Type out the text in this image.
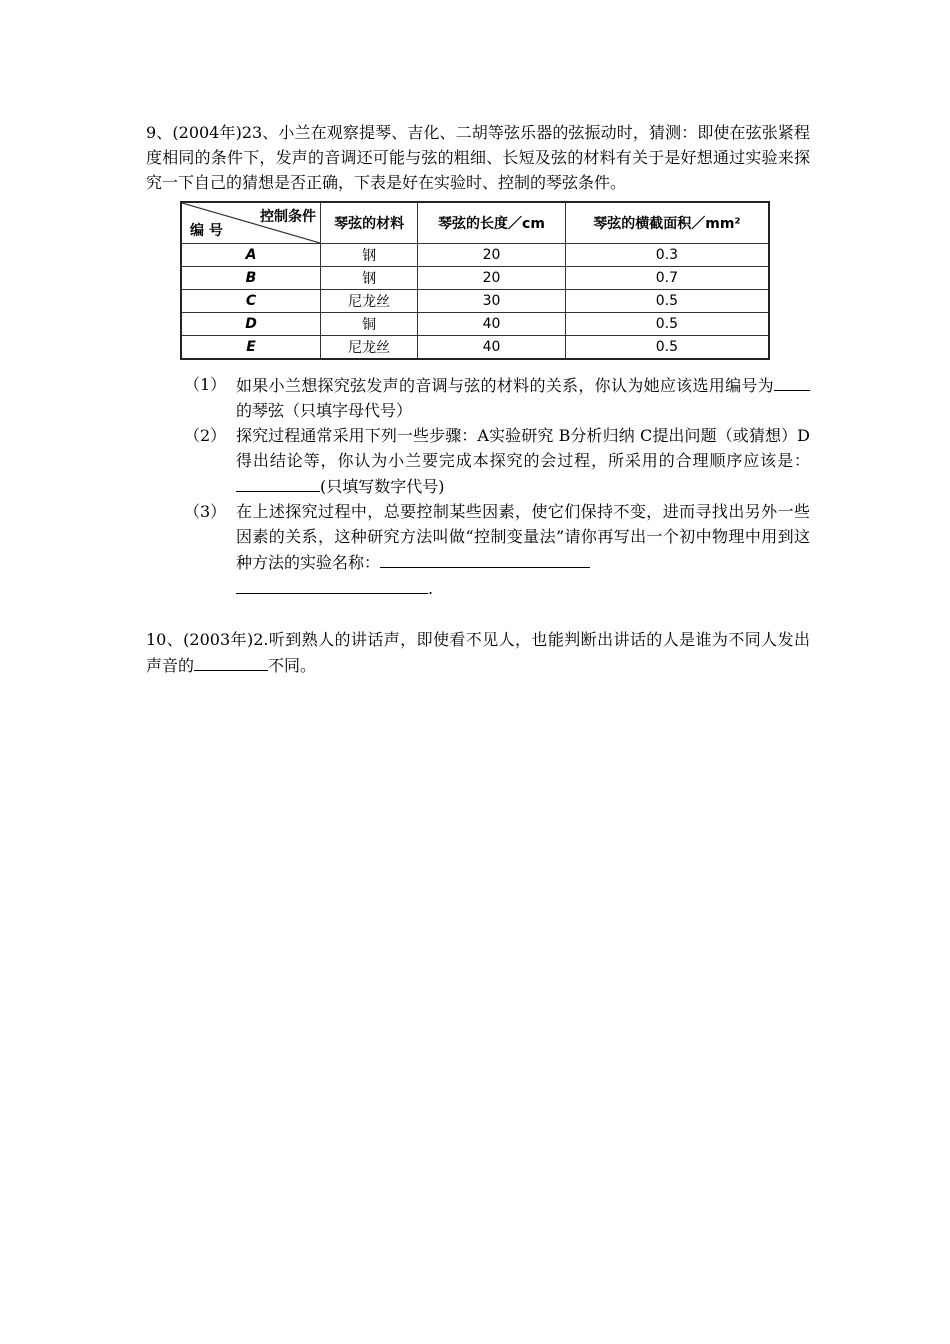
9、(2004年)23、小兰在观察提琴、吉化、二胡等弦乐器的弦振动时，猜测：即使在弦张紧程度相同的条件下，发声的音调还可能与弦的粗细、长短及弦的材料有关于是好想通过实验来探究一下自己的猜想是否正确，下表是好在实验时、控制的琴弦条件。

控制条件
编 号	琴弦的材料	琴弦的长度／cm	琴弦的横截面积／mm²
A	钢	20	0.3
B	钢	20	0.7
C	尼龙丝	30	0.5
D	铜	40	0.5
E	尼龙丝	40	0.5
（1） 如果小兰想探究弦发声的音调与弦的材料的关系，你认为她应该选用编号为的琴弦（只填字母代号）
（2） 探究过程通常采用下列一些步骤：A实验研究 B分析归纳 C提出问题（或猜想）D得出结论等，你认为小兰要完成本探究的会过程，所采用的合理顺序应该是：(只填写数字代号)
（3） 在上述探究过程中，总要控制某些因素，使它们保持不变，进而寻找出另外一些因素的关系，这种研究方法叫做“控制变量法”请你再写出一个初中物理中用到这种方法的实验名称：
.

10、(2003年)2.听到熟人的讲话声，即使看不见人，也能判断出讲话的人是谁为不同人发出声音的	不同。
